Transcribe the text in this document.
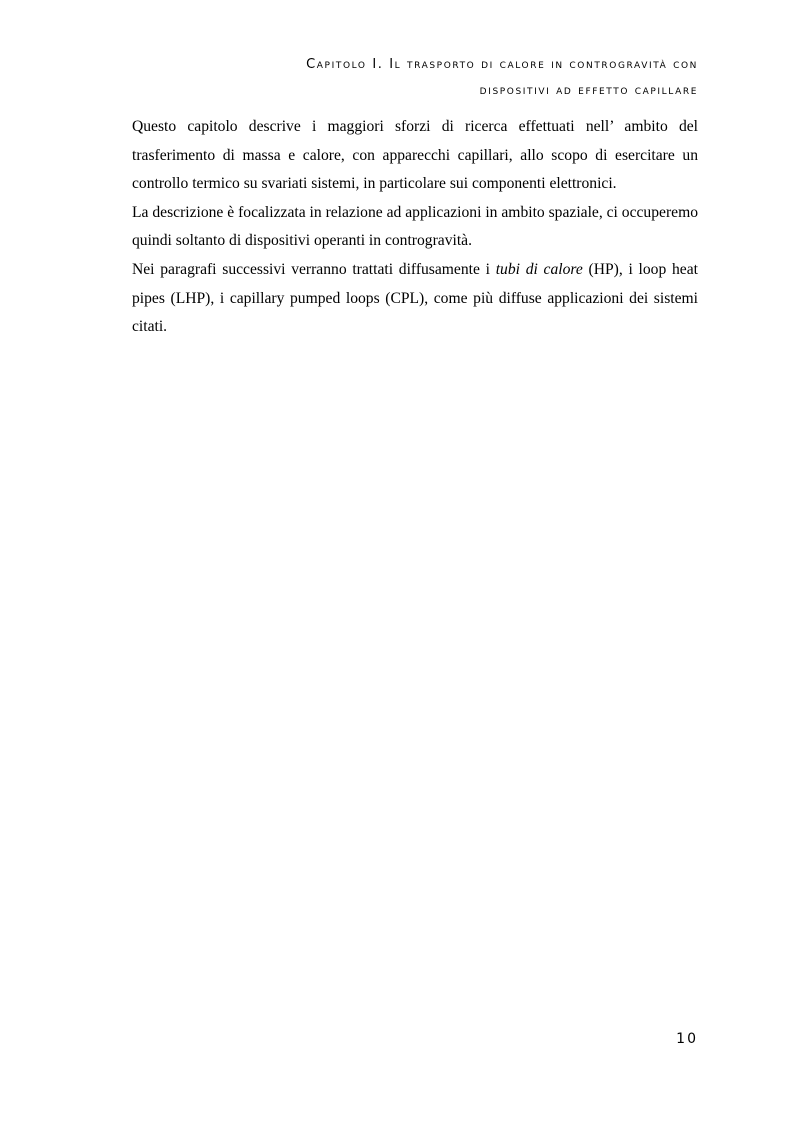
Capitolo I. Il trasporto di calore in controgravità con
dispositivi ad effetto capillare

Questo capitolo descrive i maggiori sforzi di ricerca effettuati nell’ ambito del trasferimento di massa e calore, con apparecchi capillari, allo scopo di esercitare un controllo termico su svariati sistemi, in particolare sui componenti elettronici.

La descrizione è focalizzata in relazione ad applicazioni in ambito spaziale, ci occuperemo quindi soltanto di dispositivi operanti in controgravità.

Nei paragrafi successivi verranno trattati diffusamente i tubi di calore (HP), i loop heat pipes (LHP), i capillary pumped loops (CPL), come più diffuse applicazioni dei sistemi citati.

10
